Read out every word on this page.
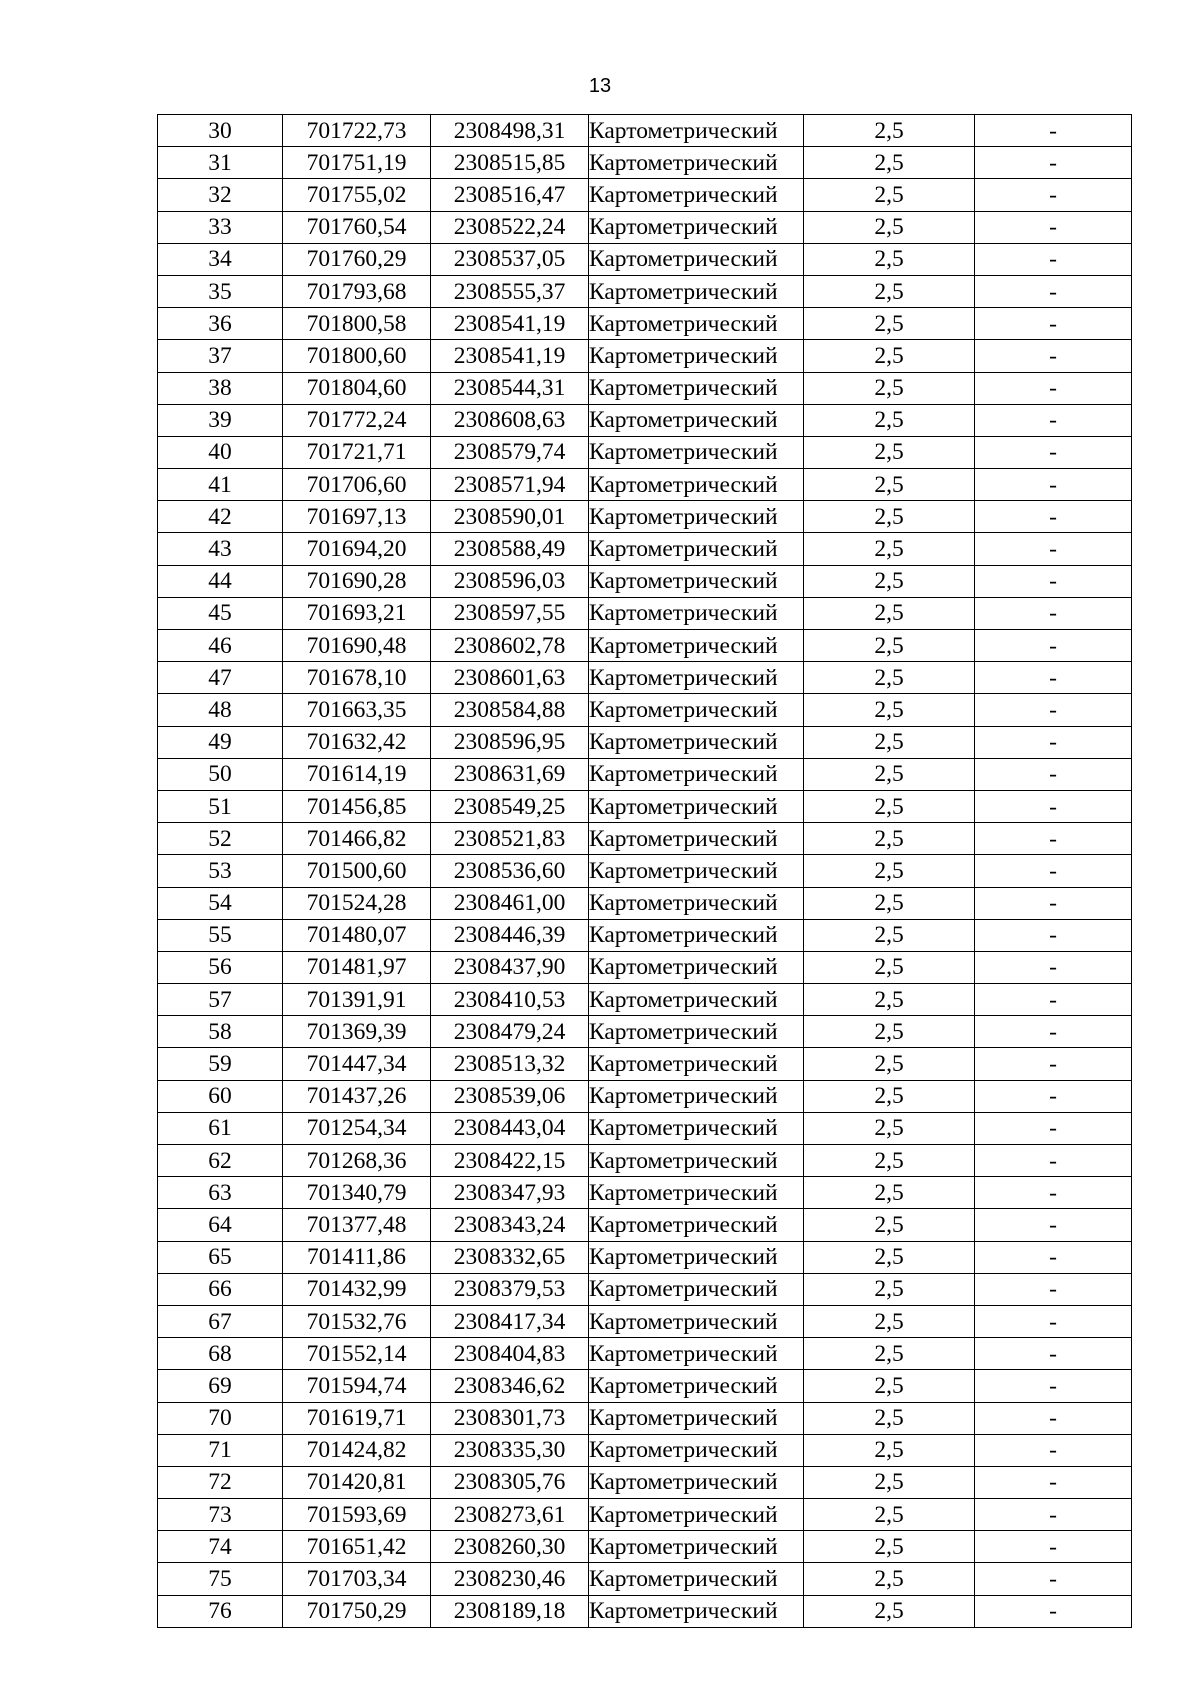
13
30	701722,73	2308498,31	Картометрический	2,5	-
31	701751,19	2308515,85	Картометрический	2,5	-
32	701755,02	2308516,47	Картометрический	2,5	-
33	701760,54	2308522,24	Картометрический	2,5	-
34	701760,29	2308537,05	Картометрический	2,5	-
35	701793,68	2308555,37	Картометрический	2,5	-
36	701800,58	2308541,19	Картометрический	2,5	-
37	701800,60	2308541,19	Картометрический	2,5	-
38	701804,60	2308544,31	Картометрический	2,5	-
39	701772,24	2308608,63	Картометрический	2,5	-
40	701721,71	2308579,74	Картометрический	2,5	-
41	701706,60	2308571,94	Картометрический	2,5	-
42	701697,13	2308590,01	Картометрический	2,5	-
43	701694,20	2308588,49	Картометрический	2,5	-
44	701690,28	2308596,03	Картометрический	2,5	-
45	701693,21	2308597,55	Картометрический	2,5	-
46	701690,48	2308602,78	Картометрический	2,5	-
47	701678,10	2308601,63	Картометрический	2,5	-
48	701663,35	2308584,88	Картометрический	2,5	-
49	701632,42	2308596,95	Картометрический	2,5	-
50	701614,19	2308631,69	Картометрический	2,5	-
51	701456,85	2308549,25	Картометрический	2,5	-
52	701466,82	2308521,83	Картометрический	2,5	-
53	701500,60	2308536,60	Картометрический	2,5	-
54	701524,28	2308461,00	Картометрический	2,5	-
55	701480,07	2308446,39	Картометрический	2,5	-
56	701481,97	2308437,90	Картометрический	2,5	-
57	701391,91	2308410,53	Картометрический	2,5	-
58	701369,39	2308479,24	Картометрический	2,5	-
59	701447,34	2308513,32	Картометрический	2,5	-
60	701437,26	2308539,06	Картометрический	2,5	-
61	701254,34	2308443,04	Картометрический	2,5	-
62	701268,36	2308422,15	Картометрический	2,5	-
63	701340,79	2308347,93	Картометрический	2,5	-
64	701377,48	2308343,24	Картометрический	2,5	-
65	701411,86	2308332,65	Картометрический	2,5	-
66	701432,99	2308379,53	Картометрический	2,5	-
67	701532,76	2308417,34	Картометрический	2,5	-
68	701552,14	2308404,83	Картометрический	2,5	-
69	701594,74	2308346,62	Картометрический	2,5	-
70	701619,71	2308301,73	Картометрический	2,5	-
71	701424,82	2308335,30	Картометрический	2,5	-
72	701420,81	2308305,76	Картометрический	2,5	-
73	701593,69	2308273,61	Картометрический	2,5	-
74	701651,42	2308260,30	Картометрический	2,5	-
75	701703,34	2308230,46	Картометрический	2,5	-
76	701750,29	2308189,18	Картометрический	2,5	-
